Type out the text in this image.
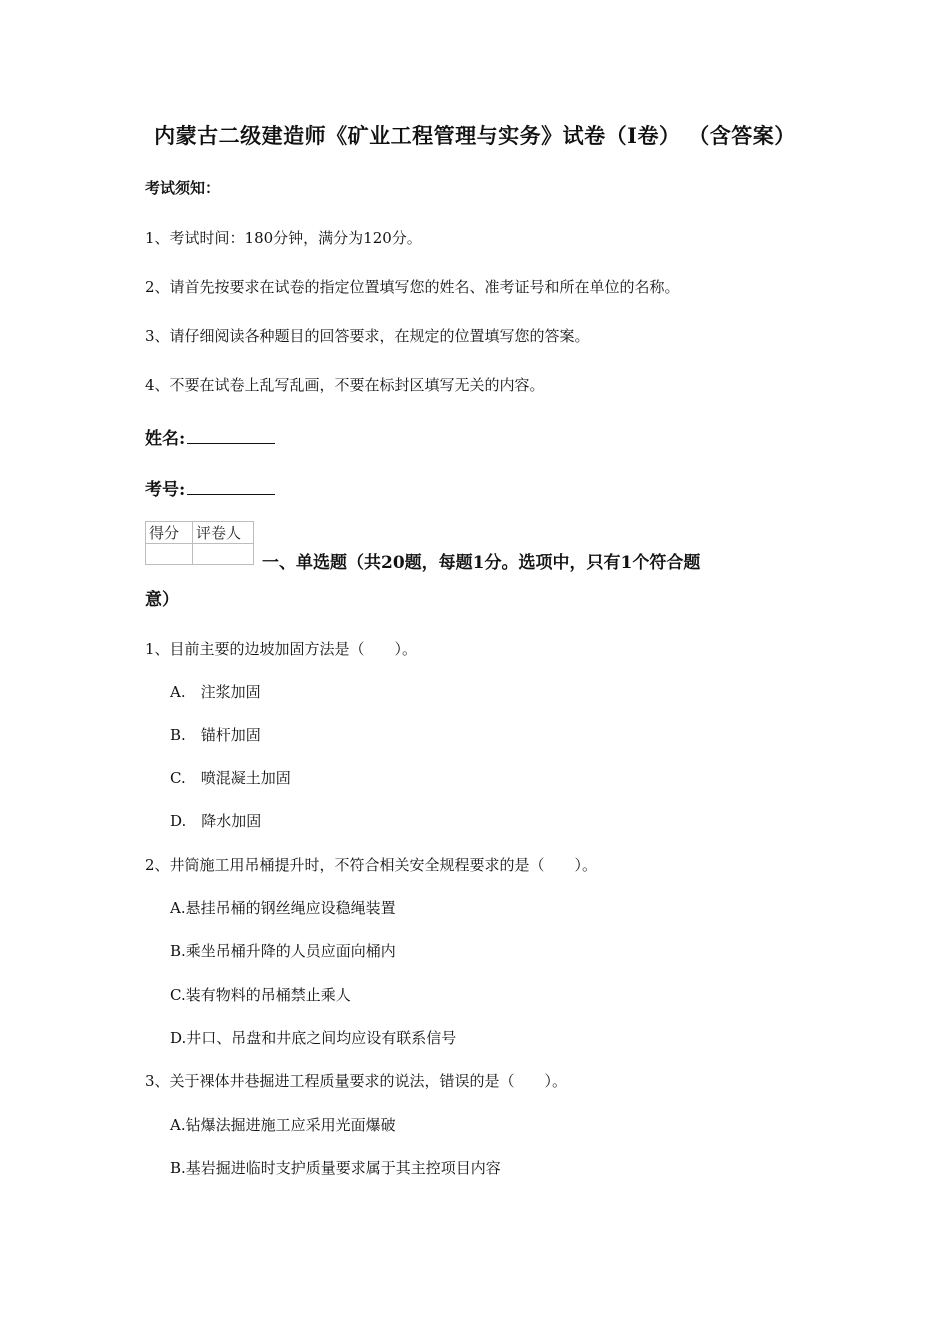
内蒙古二级建造师《矿业工程管理与实务》试卷（I卷） （含答案）
考试须知：
1、考试时间：180分钟，满分为120分。
2、请首先按要求在试卷的指定位置填写您的姓名、准考证号和所在单位的名称。
3、请仔细阅读各种题目的回答要求，在规定的位置填写您的答案。
4、不要在试卷上乱写乱画，不要在标封区填写无关的内容。
姓名:
考号:
得分	评卷人

一、单选题（共20题，每题1分。选项中，只有1个符合题
意）
1、目前主要的边坡加固方法是（　　）。
A.　注浆加固
B.　锚杆加固
C.　喷混凝土加固
D.　降水加固
2、井筒施工用吊桶提升时，不符合相关安全规程要求的是（　　）。
A.悬挂吊桶的钢丝绳应设稳绳装置
B.乘坐吊桶升降的人员应面向桶内
C.装有物料的吊桶禁止乘人
D.井口、吊盘和井底之间均应设有联系信号
3、关于裸体井巷掘进工程质量要求的说法，错误的是（　　）。
A.钻爆法掘进施工应采用光面爆破
B.基岩掘进临时支护质量要求属于其主控项目内容
